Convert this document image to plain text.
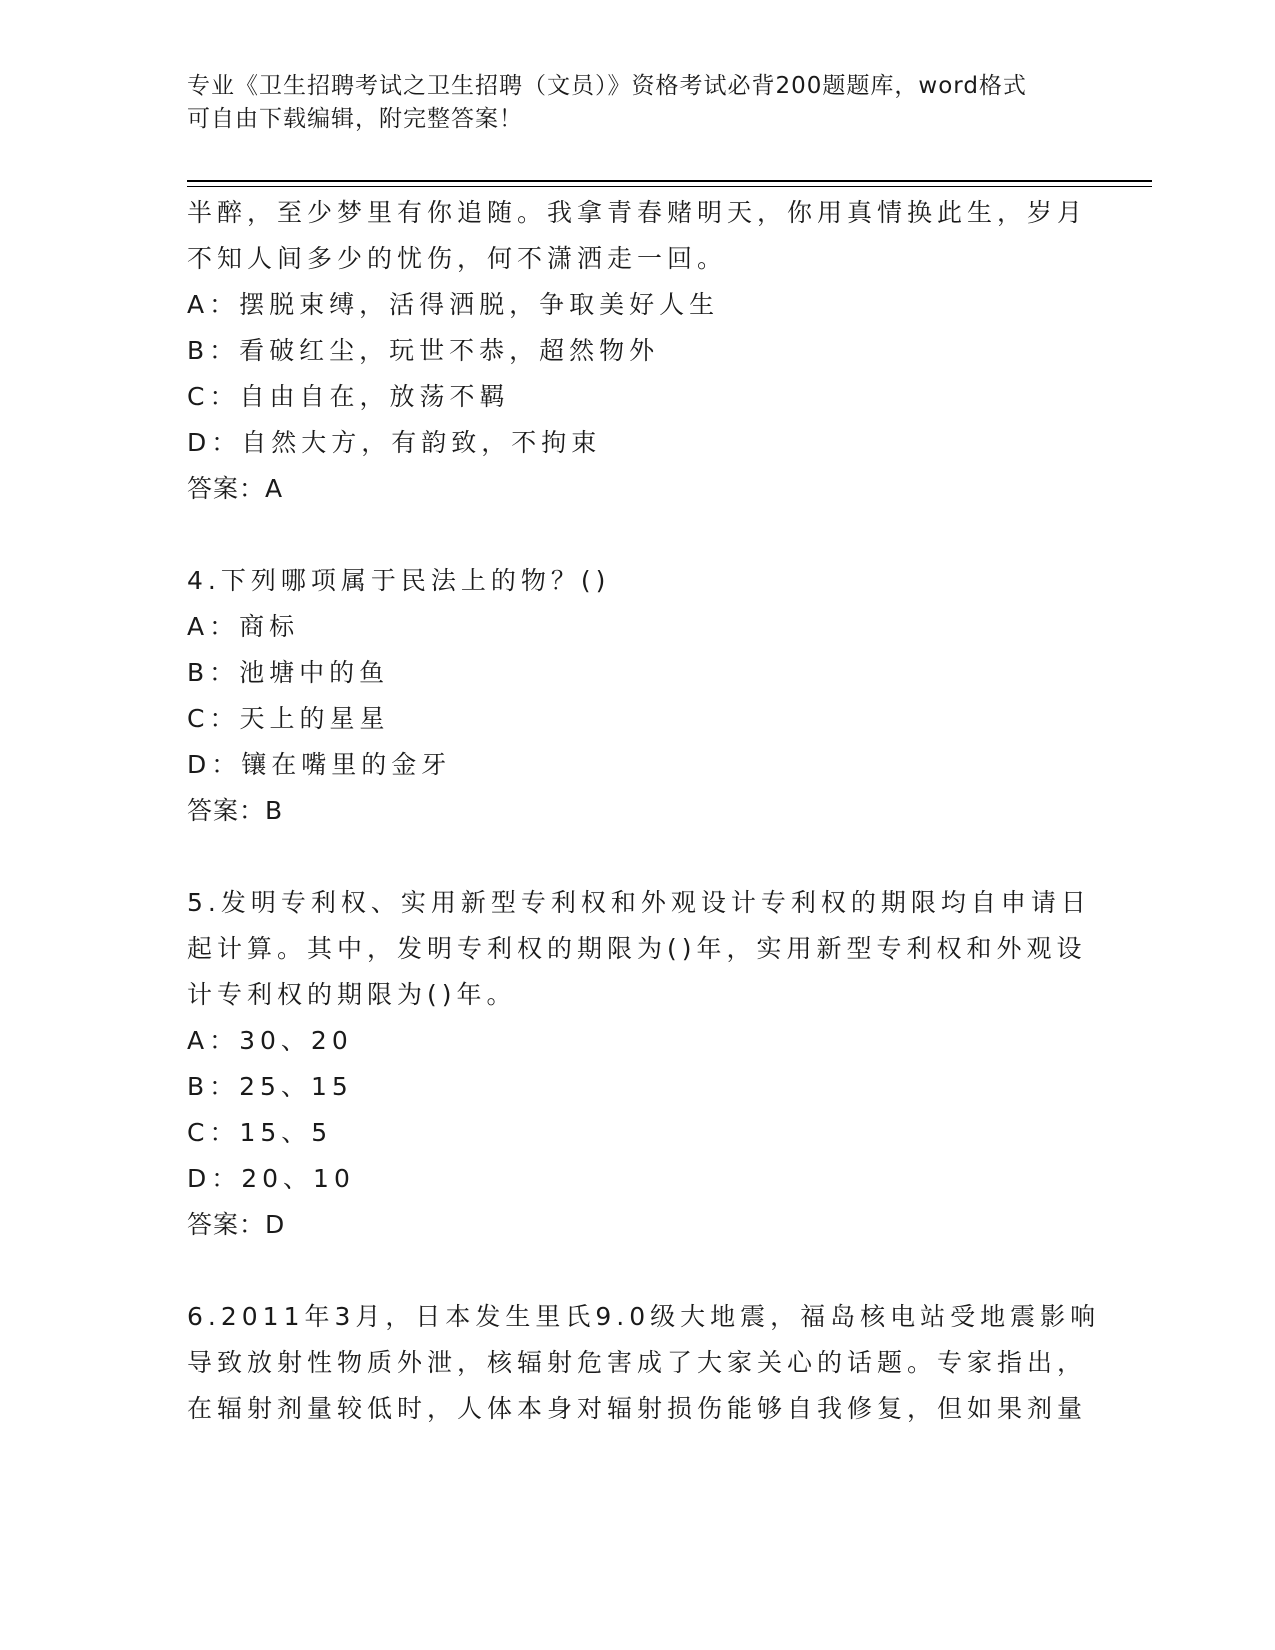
专业《卫生招聘考试之卫生招聘（文员）》资格考试必背200题题库，word格式
可自由下载编辑，附完整答案！
半醉，至少梦里有你追随。我拿青春赌明天，你用真情换此生，岁月
不知人间多少的忧伤，何不潇洒走一回。
A：摆脱束缚，活得洒脱，争取美好人生
B：看破红尘，玩世不恭，超然物外
C：自由自在，放荡不羁
D：自然大方，有韵致，不拘束
答案：A
4.下列哪项属于民法上的物？()
A：商标
B：池塘中的鱼
C：天上的星星
D：镶在嘴里的金牙
答案：B
5.发明专利权、实用新型专利权和外观设计专利权的期限均自申请日
起计算。其中，发明专利权的期限为()年，实用新型专利权和外观设
计专利权的期限为()年。
A：30、20
B：25、15
C：15、5
D：20、10
答案：D
6.2011年3月，日本发生里氏9.0级大地震，福岛核电站受地震影响
导致放射性物质外泄，核辐射危害成了大家关心的话题。专家指出，
在辐射剂量较低时，人体本身对辐射损伤能够自我修复，但如果剂量
